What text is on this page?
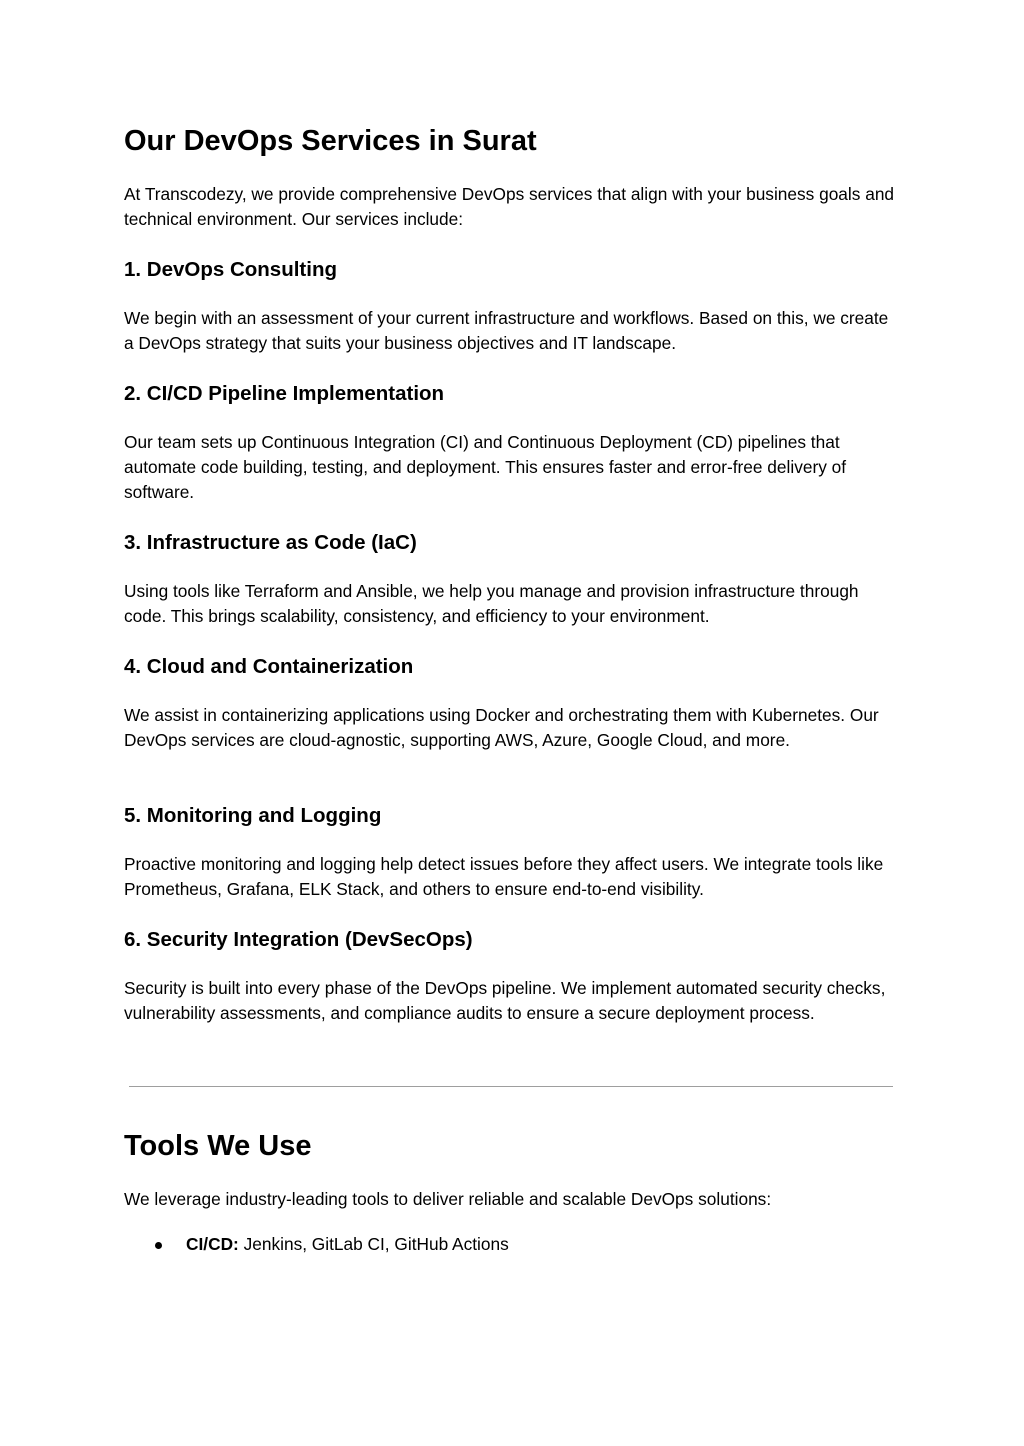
Our DevOps Services in Surat

At Transcodezy, we provide comprehensive DevOps services that align with your business goals and technical environment. Our services include:

1. DevOps Consulting

We begin with an assessment of your current infrastructure and workflows. Based on this, we create a DevOps strategy that suits your business objectives and IT landscape.

2. CI/CD Pipeline Implementation

Our team sets up Continuous Integration (CI) and Continuous Deployment (CD) pipelines that automate code building, testing, and deployment. This ensures faster and error-free delivery of software.

3. Infrastructure as Code (IaC)

Using tools like Terraform and Ansible, we help you manage and provision infrastructure through code. This brings scalability, consistency, and efficiency to your environment.

4. Cloud and Containerization

We assist in containerizing applications using Docker and orchestrating them with Kubernetes. Our DevOps services are cloud-agnostic, supporting AWS, Azure, Google Cloud, and more.

5. Monitoring and Logging

Proactive monitoring and logging help detect issues before they affect users. We integrate tools like Prometheus, Grafana, ELK Stack, and others to ensure end-to-end visibility.

6. Security Integration (DevSecOps)

Security is built into every phase of the DevOps pipeline. We implement automated security checks, vulnerability assessments, and compliance audits to ensure a secure deployment process.

Tools We Use

We leverage industry-leading tools to deliver reliable and scalable DevOps solutions:

CI/CD: Jenkins, GitLab CI, GitHub Actions
